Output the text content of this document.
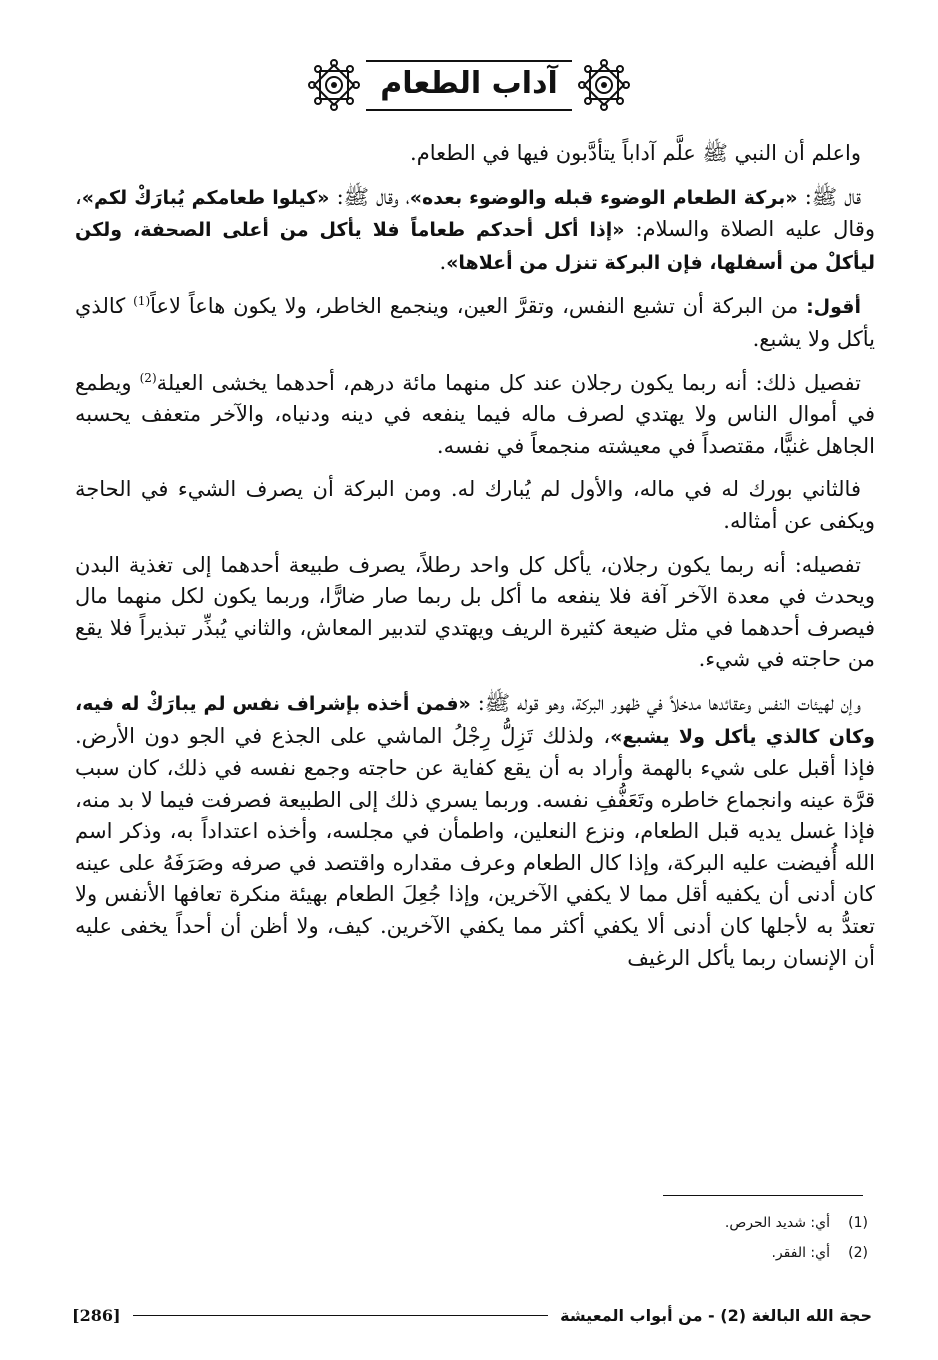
آداب الطعام

واعلم أن النبي ﷺ علَّم آداباً يتأدَّبون فيها في الطعام.

قال ﷺ: «بركة الطعام الوضوء قبله والوضوء بعده»، وقال ﷺ: «كيلوا طعامكم يُبارَكْ لكم»، وقال عليه الصلاة والسلام: «إذا أكل أحدكم طعاماً فلا يأكل من أعلى الصحفة، ولكن ليأكلْ من أسفلها، فإن البركة تنزل من أعلاها».

أقول: من البركة أن تشبع النفس، وتقرَّ العين، وينجمع الخاطر، ولا يكون هاعاً لاعاً$^{(1)}$ كالذي يأكل ولا يشبع.

تفصيل ذلك: أنه ربما يكون رجلان عند كل منهما مائة درهم، أحدهما يخشى العيلة$^{(2)}$ ويطمع في أموال الناس ولا يهتدي لصرف ماله فيما ينفعه في دينه ودنياه، والآخر متعفف يحسبه الجاهل غنيًّا، مقتصداً في معيشته منجمعاً في نفسه.

فالثاني بورك له في ماله، والأول لم يُبارك له. ومن البركة أن يصرف الشيء في الحاجة ويكفى عن أمثاله.

تفصيله: أنه ربما يكون رجلان، يأكل كل واحد رطلاً، يصرف طبيعة أحدهما إلى تغذية البدن ويحدث في معدة الآخر آفة فلا ينفعه ما أكل بل ربما صار ضارًّا، وربما يكون لكل منهما مال فيصرف أحدهما في مثل ضيعة كثيرة الريف ويهتدي لتدبير المعاش، والثاني يُبذِّر تبذيراً فلا يقع من حاجته في شيء.

وإن لهيئات النفس وعقائدها مدخلاً في ظهور البركة، وهو قوله ﷺ: «فمن أخذه بإشراف نفس لم يبارَكْ له فيه، وكان كالذي يأكل ولا يشبع»، ولذلك تَزِلُّ رِجْلُ الماشي على الجذع في الجو دون الأرض. فإذا أقبل على شيء بالهمة وأراد به أن يقع كفاية عن حاجته وجمع نفسه في ذلك، كان سبب قرَّة عينه وانجماع خاطره وتَعَفُّفِ نفسه. وربما يسري ذلك إلى الطبيعة فصرفت فيما لا بد منه، فإذا غسل يديه قبل الطعام، ونزع النعلين، واطمأن في مجلسه، وأخذه اعتداداً به، وذكر اسم الله أُفيضت عليه البركة، وإذا كال الطعام وعرف مقداره واقتصد في صرفه وصَرَفَهُ على عينه كان أدنى أن يكفيه أقل مما لا يكفي الآخرين، وإذا جُعِلَ الطعام بهيئة منكرة تعافها الأنفس ولا تعتدُّ به لأجلها كان أدنى ألا يكفي أكثر مما يكفي الآخرين. كيف، ولا أظن أن أحداً يخفى عليه أن الإنسان ربما يأكل الرغيف

(1)
أي: شديد الحرص.
(2)
أي: الفقر.
حجة الله البالغة (2) - من أبواب المعيشة
[286]
